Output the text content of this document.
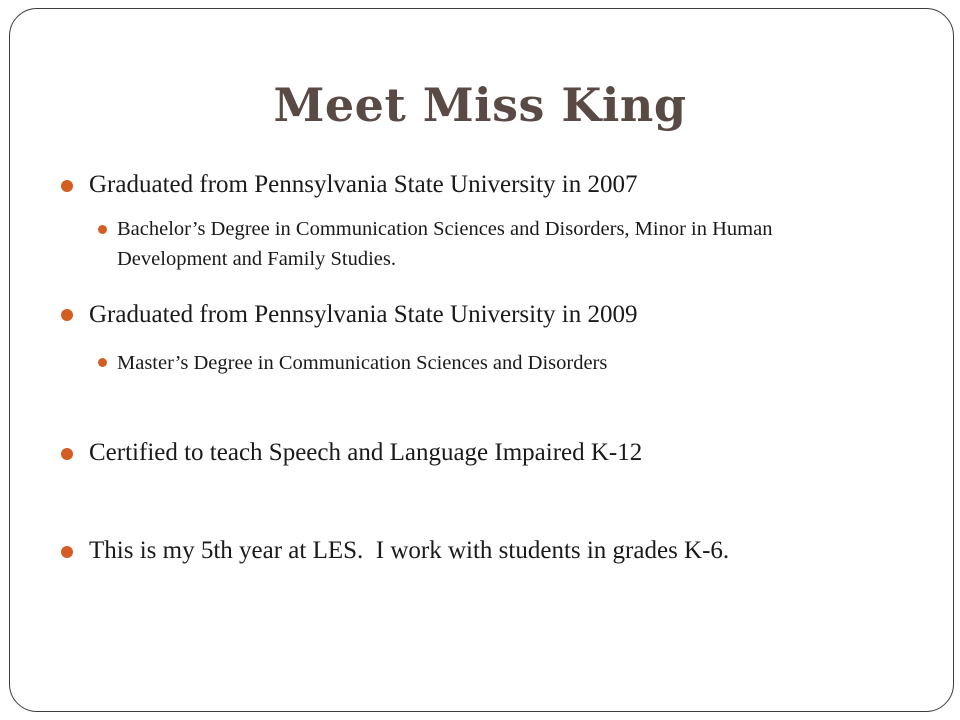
Meet Miss King
Graduated from Pennsylvania State University in 2007
Bachelor’s Degree in Communication Sciences and Disorders, Minor in Human Development and Family Studies.
Graduated from Pennsylvania State University in 2009
Master’s Degree in Communication Sciences and Disorders
Certified to teach Speech and Language Impaired K-12
This is my 5th year at LES.  I work with students in grades K-6.
